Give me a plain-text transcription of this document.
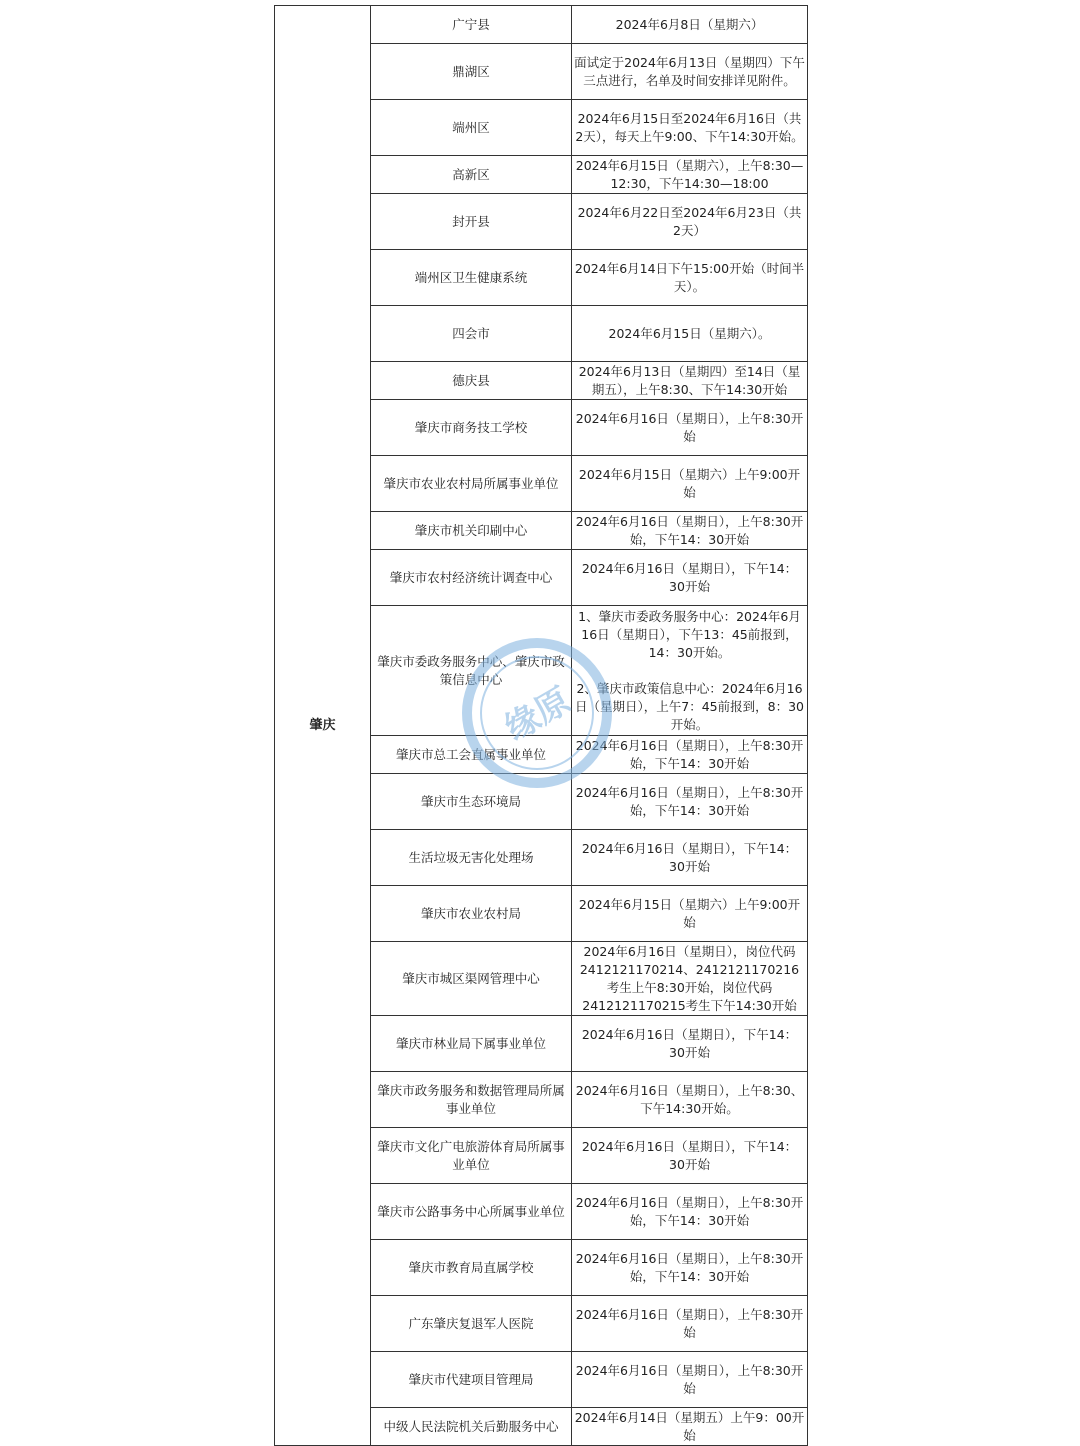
肇庆	广宁县	2024年6月8日（星期六）
	鼎湖区	面试定于2024年6月13日（星期四）下午三点进行，名单及时间安排详见附件。
	端州区	2024年6月15日至2024年6月16日（共2天），每天上午9:00、下午14:30开始。
	高新区	2024年6月15日（星期六），上午8:30—12:30，下午14:30—18:00
	封开县	2024年6月22日至2024年6月23日（共2天）
	端州区卫生健康系统	2024年6月14日下午15:00开始（时间半天）。
	四会市	2024年6月15日（星期六）。
	德庆县	2024年6月13日（星期四）至14日（星期五），上午8:30、下午14:30开始
	肇庆市商务技工学校	2024年6月16日（星期日），上午8:30开始
	肇庆市农业农村局所属事业单位	2024年6月15日（星期六）上午9:00开始
	肇庆市机关印刷中心	2024年6月16日（星期日），上午8:30开始，下午14：30开始
	肇庆市农村经济统计调查中心	2024年6月16日（星期日），下午14：30开始
	肇庆市委政务服务中心、肇庆市政策信息中心	1、肇庆市委政务服务中心：2024年6月16日（星期日），下午13：45前报到，14：30开始。

2、肇庆市政策信息中心：2024年6月16日（星期日），上午7：45前报到，8：30开始。
	肇庆市总工会直属事业单位	2024年6月16日（星期日），上午8:30开始，下午14：30开始
	肇庆市生态环境局	2024年6月16日（星期日），上午8:30开始，下午14：30开始
	生活垃圾无害化处理场	2024年6月16日（星期日），下午14：30开始
	肇庆市农业农村局	2024年6月15日（星期六）上午9:00开始
	肇庆市城区渠网管理中心	2024年6月16日（星期日），岗位代码2412121170214、2412121170216考生上午8:30开始，岗位代码2412121170215考生下午14:30开始
	肇庆市林业局下属事业单位	2024年6月16日（星期日），下午14：30开始
	肇庆市政务服务和数据管理局所属事业单位	2024年6月16日（星期日），上午8:30、下午14:30开始。
	肇庆市文化广电旅游体育局所属事业单位	2024年6月16日（星期日），下午14：30开始
	肇庆市公路事务中心所属事业单位	2024年6月16日（星期日），上午8:30开始，下午14：30开始
	肇庆市教育局直属学校	2024年6月16日（星期日），上午8:30开始，下午14：30开始
	广东肇庆复退军人医院	2024年6月16日（星期日），上午8:30开始
	肇庆市代建项目管理局	2024年6月16日（星期日），上午8:30开始
	中级人民法院机关后勤服务中心	2024年6月14日（星期五）上午9：00开始
缘原
